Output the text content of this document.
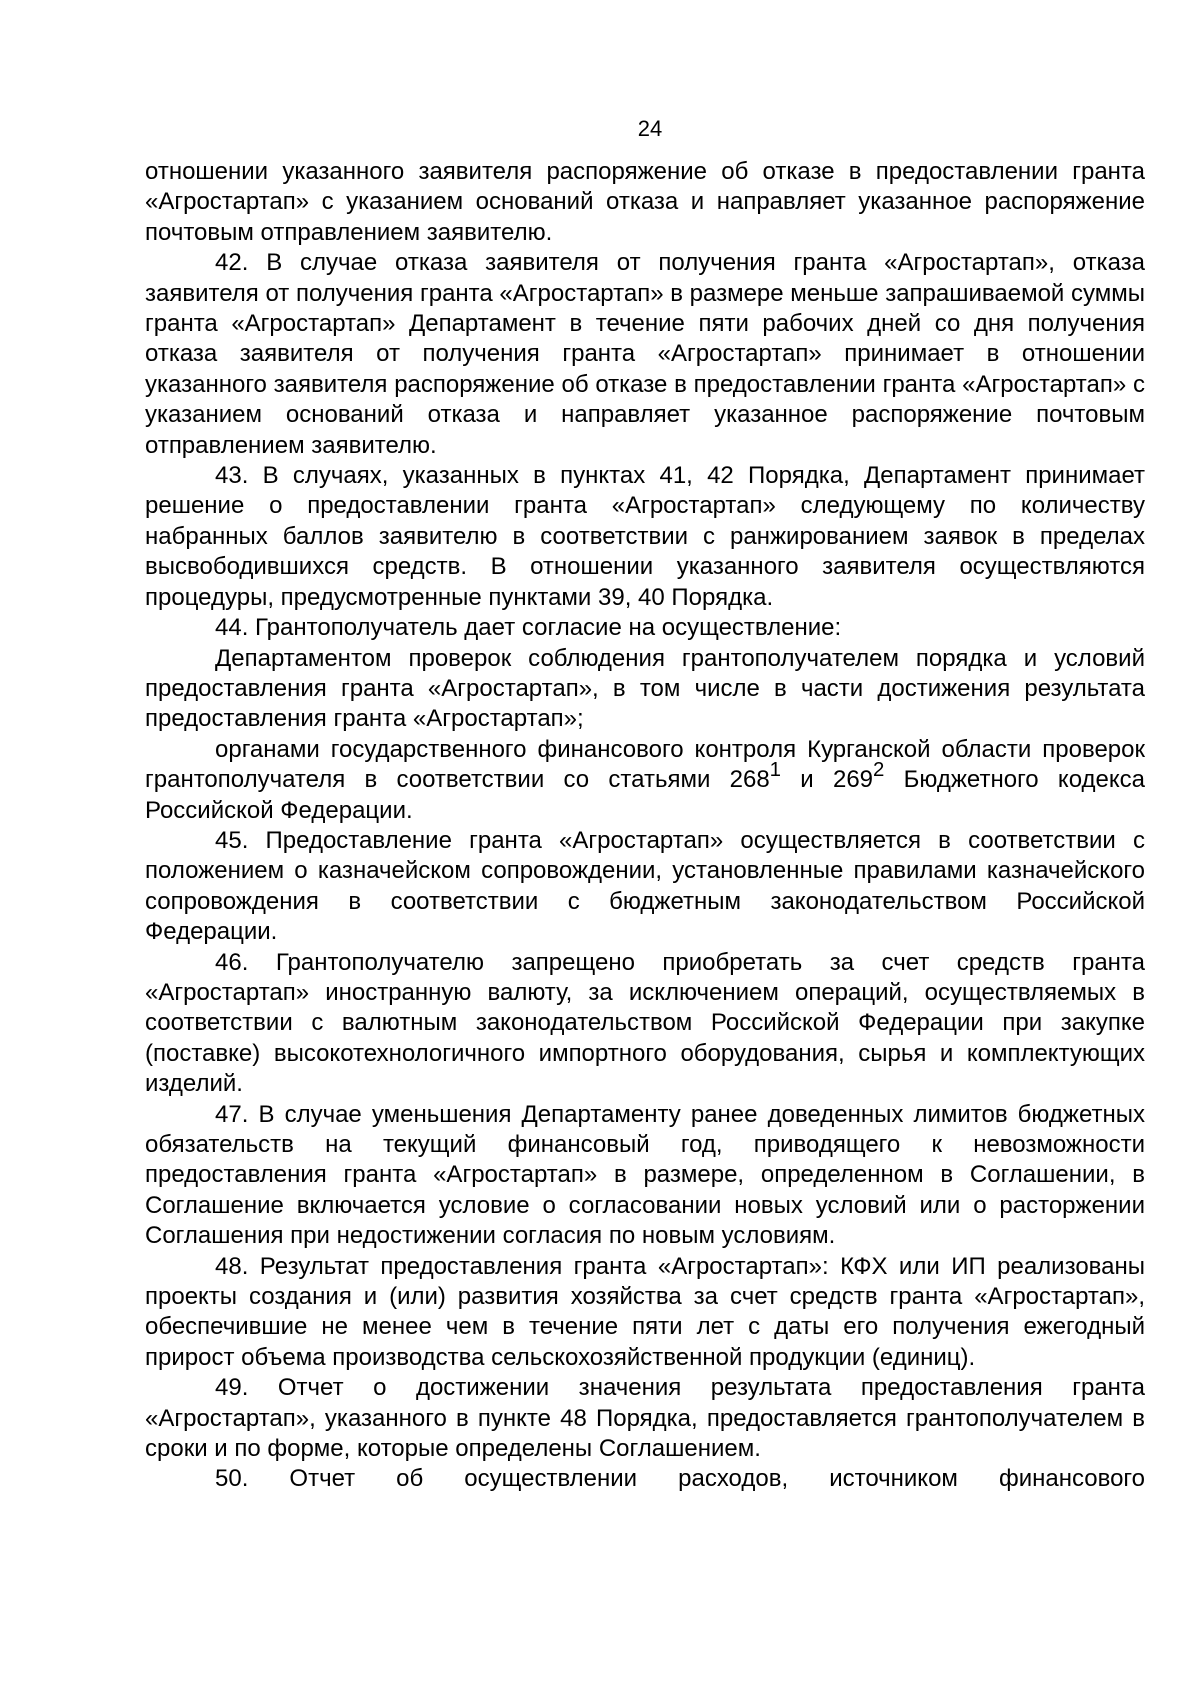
24

отношении указанного заявителя распоряжение об отказе в предоставлении гранта «Агростартап» с указанием оснований отказа и направляет указанное распоряжение почтовым отправлением заявителю.

42. В случае отказа заявителя от получения гранта «Агростартап», отказа заявителя от получения гранта «Агростартап» в размере меньше запрашиваемой суммы гранта «Агростартап» Департамент в течение пяти рабочих дней со дня получения отказа заявителя от получения гранта «Агростартап» принимает в отношении указанного заявителя распоряжение об отказе в предоставлении гранта «Агростартап» с указанием оснований отказа и направляет указанное распоряжение почтовым отправлением заявителю.

43. В случаях, указанных в пунктах 41, 42 Порядка, Департамент принимает решение о предоставлении гранта «Агростартап» следующему по количеству набранных баллов заявителю в соответствии с ранжированием заявок в пределах высвободившихся средств. В отношении указанного заявителя осуществляются процедуры, предусмотренные пунктами 39, 40 Порядка.

44. Грантополучатель дает согласие на осуществление:

Департаментом проверок соблюдения грантополучателем порядка и условий предоставления гранта «Агростартап», в том числе в части достижения результата предоставления гранта «Агростартап»;

органами государственного финансового контроля Курганской области проверок грантополучателя в соответствии со статьями $268^1$ и $269^2$ Бюджетного кодекса Российской Федерации.

45. Предоставление гранта «Агростартап» осуществляется в соответствии с положением о казначейском сопровождении, установленные правилами казначейского сопровождения в соответствии с бюджетным законодательством Российской Федерации.

46. Грантополучателю запрещено приобретать за счет средств гранта «Агростартап» иностранную валюту, за исключением операций, осуществляемых в соответствии с валютным законодательством Российской Федерации при закупке (поставке) высокотехнологичного импортного оборудования, сырья и комплектующих изделий.

47. В случае уменьшения Департаменту ранее доведенных лимитов бюджетных обязательств на текущий финансовый год, приводящего к невозможности предоставления гранта «Агростартап» в размере, определенном в Соглашении, в Соглашение включается условие о согласовании новых условий или о расторжении Соглашения при недостижении согласия по новым условиям.

48. Результат предоставления гранта «Агростартап»: КФХ или ИП реализованы проекты создания и (или) развития хозяйства за счет средств гранта «Агростартап», обеспечившие не менее чем в течение пяти лет с даты его получения ежегодный прирост объема производства сельскохозяйственной продукции (единиц).

49. Отчет о достижении значения результата предоставления гранта «Агростартап», указанного в пункте 48 Порядка, предоставляется грантополучателем в сроки и по форме, которые определены Соглашением.

50. Отчет об осуществлении расходов, источником финансового
